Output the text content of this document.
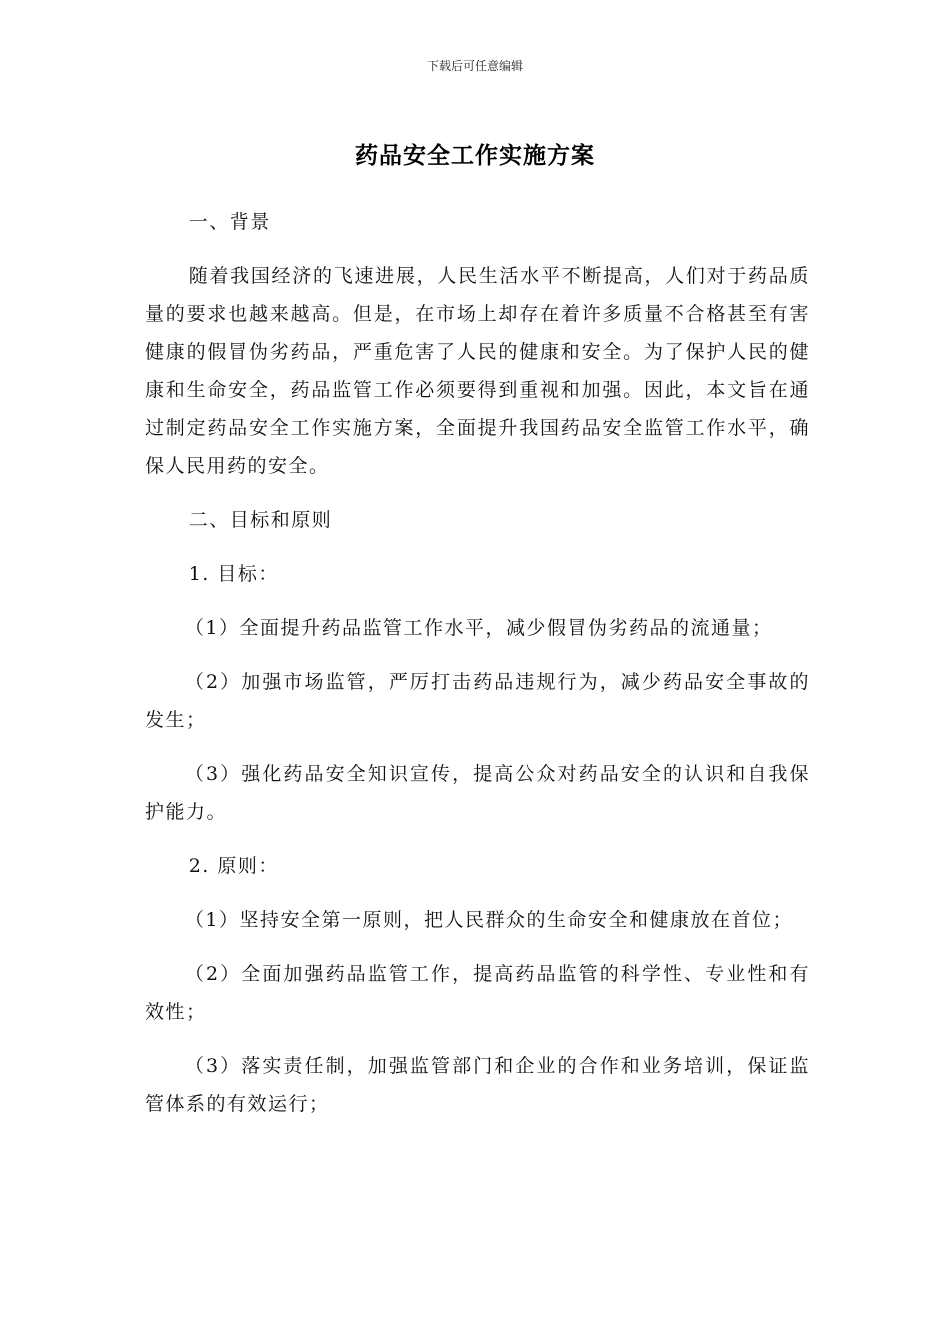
下载后可任意编辑
药品安全工作实施方案

一、背景

随着我国经济的飞速进展，人民生活水平不断提高，人们对于药品质量的要求也越来越高。但是，在市场上却存在着许多质量不合格甚至有害健康的假冒伪劣药品，严重危害了人民的健康和安全。为了保护人民的健康和生命安全，药品监管工作必须要得到重视和加强。因此，本文旨在通过制定药品安全工作实施方案，全面提升我国药品安全监管工作水平，确保人民用药的安全。

二、目标和原则

1. 目标：

（1）全面提升药品监管工作水平，减少假冒伪劣药品的流通量；

（2）加强市场监管，严厉打击药品违规行为，减少药品安全事故的发生；

（3）强化药品安全知识宣传，提高公众对药品安全的认识和自我保护能力。

2. 原则：

（1）坚持安全第一原则，把人民群众的生命安全和健康放在首位；

（2）全面加强药品监管工作，提高药品监管的科学性、专业性和有效性；

（3）落实责任制，加强监管部门和企业的合作和业务培训，保证监管体系的有效运行；
